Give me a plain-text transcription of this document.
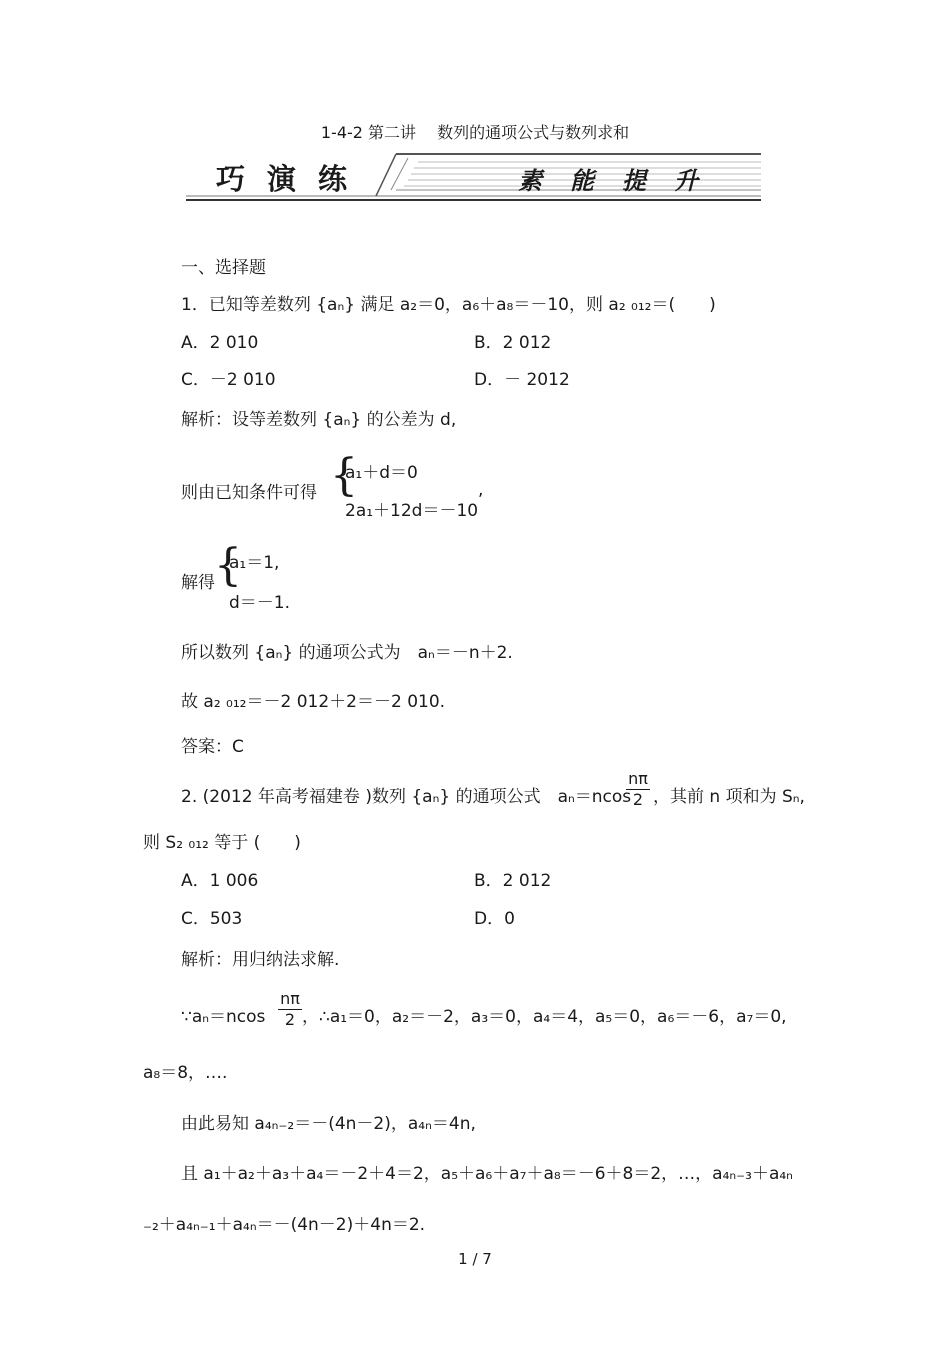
1-4-2 第二讲　 数列的通项公式与数列求和
巧演练	素能提升
一、选择题
1．已知等差数列 {aₙ} 满足 a₂＝0，a₆＋a₈＝－10，则 a₂ ₀₁₂＝(　　)
A．2 010	B．2 012
C．－2 010	D．－ 2012
解析：设等差数列 {aₙ} 的公差为 d,
则由已知条件可得 {
a₁＋d＝0
2a₁＋12d＝－10
,
解得 {
a₁＝1,
d＝－1.
所以数列 {aₙ} 的通项公式为　aₙ＝－n＋2.
故 a₂ ₀₁₂＝－2 012＋2＝－2 010.
答案：C
2. (2012 年高考福建卷 )数列 {aₙ} 的通项公式　aₙ＝ncos
nπ
2 ，其前 n 项和为 Sₙ,
则 S₂ ₀₁₂ 等于 (　　)
A．1 006	B．2 012
C．503	D．0
解析：用归纳法求解.
∵aₙ＝ncos
nπ
2 ，∴a₁＝0，a₂＝－2，a₃＝0，a₄＝4，a₅＝0，a₆＝－6，a₇＝0,
a₈＝8，….
由此易知 a₄ₙ₋₂＝－(4n－2)，a₄ₙ＝4n,
且 a₁＋a₂＋a₃＋a₄＝－2＋4＝2，a₅＋a₆＋a₇＋a₈＝－6＋8＝2，…，a₄ₙ₋₃＋a₄ₙ
₋₂＋a₄ₙ₋₁＋a₄ₙ＝－(4n－2)＋4n＝2.
1 / 7
